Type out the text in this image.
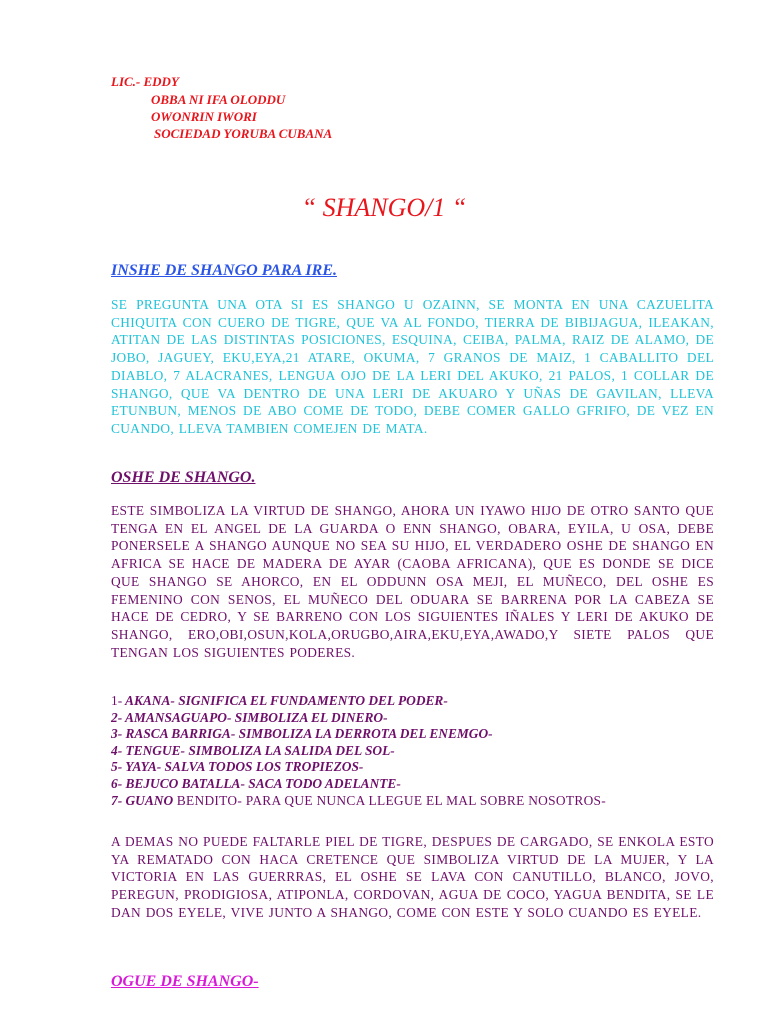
LIC.- EDDY
OBBA NI IFA OLODDU
OWONRIN IWORI
SOCIEDAD YORUBA CUBANA
“ SHANGO/1 “
INSHE DE SHANGO PARA IRE.

SE PREGUNTA UNA OTA SI ES SHANGO U OZAINN, SE MONTA EN UNA CAZUELITA CHIQUITA CON CUERO DE TIGRE, QUE VA AL FONDO, TIERRA DE BIBIJAGUA, ILEAKAN, ATITAN DE LAS DISTINTAS POSICIONES, ESQUINA, CEIBA, PALMA, RAIZ DE ALAMO, DE JOBO, JAGUEY, EKU,EYA,21 ATARE, OKUMA, 7 GRANOS DE MAIZ, 1 CABALLITO DEL DIABLO, 7 ALACRANES, LENGUA OJO DE LA LERI DEL AKUKO, 21 PALOS, 1 COLLAR DE SHANGO, QUE VA DENTRO DE UNA LERI DE AKUARO Y UÑAS DE GAVILAN, LLEVA ETUNBUN, MENOS DE ABO COME DE TODO, DEBE COMER GALLO GFRIFO, DE VEZ EN CUANDO, LLEVA TAMBIEN COMEJEN DE MATA.

OSHE DE SHANGO.

ESTE SIMBOLIZA LA VIRTUD DE SHANGO, AHORA UN IYAWO HIJO DE OTRO SANTO QUE TENGA EN EL ANGEL DE LA GUARDA O ENN SHANGO, OBARA, EYILA, U OSA, DEBE PONERSELE A SHANGO AUNQUE NO SEA SU HIJO, EL VERDADERO OSHE DE SHANGO EN AFRICA SE HACE DE MADERA DE AYAR (CAOBA AFRICANA), QUE ES DONDE SE DICE QUE SHANGO SE AHORCO, EN EL ODDUNN OSA MEJI, EL MUÑECO, DEL OSHE ES FEMENINO CON SENOS, EL MUÑECO DEL ODUARA SE BARRENA POR LA CABEZA SE HACE DE CEDRO, Y SE BARRENO CON LOS SIGUIENTES IÑALES Y LERI DE AKUKO DE SHANGO, ERO,OBI,OSUN,KOLA,ORUGBO,AIRA,EKU,EYA,AWADO,Y SIETE PALOS QUE TENGAN LOS SIGUIENTES PODERES.

1- AKANA- SIGNIFICA EL FUNDAMENTO DEL PODER-
2- AMANSAGUAPO- SIMBOLIZA EL DINERO-
3- RASCA BARRIGA- SIMBOLIZA LA DERROTA DEL ENEMGO-
4- TENGUE- SIMBOLIZA LA SALIDA DEL SOL-
5- YAYA- SALVA TODOS LOS TROPIEZOS-
6- BEJUCO BATALLA- SACA TODO ADELANTE-
7- GUANO BENDITO- PARA QUE NUNCA LLEGUE EL MAL SOBRE NOSOTROS-

A DEMAS NO PUEDE FALTARLE PIEL DE TIGRE, DESPUES DE CARGADO, SE ENKOLA ESTO YA REMATADO CON HACA CRETENCE QUE SIMBOLIZA VIRTUD DE LA MUJER, Y LA VICTORIA EN LAS GUERRRAS, EL OSHE SE LAVA CON CANUTILLO, BLANCO, JOVO, PEREGUN, PRODIGIOSA, ATIPONLA, CORDOVAN, AGUA DE COCO, YAGUA BENDITA, SE LE DAN DOS EYELE, VIVE JUNTO A SHANGO, COME CON ESTE Y SOLO CUANDO ES EYELE.

OGUE DE SHANGO-
